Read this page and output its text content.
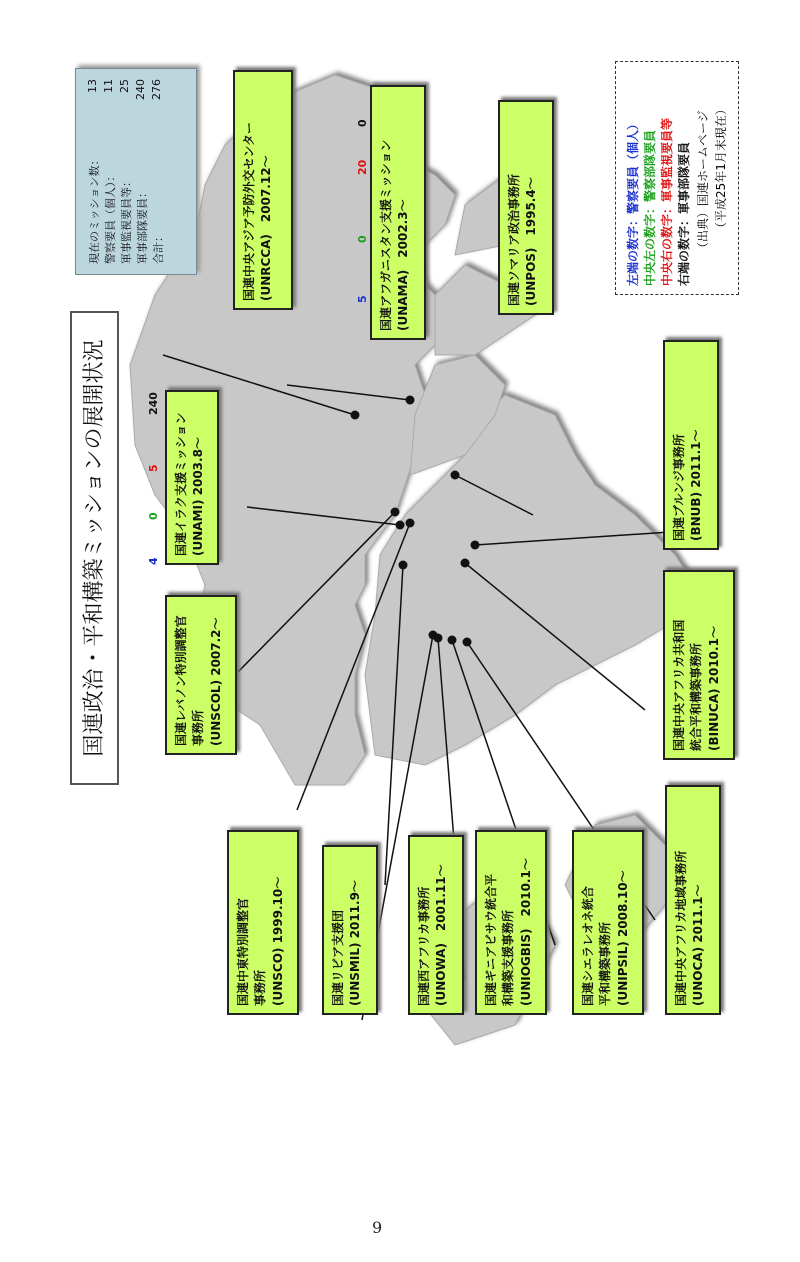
国連政治・平和構築ミッションの展開状況
現在のミッション数：
13
警察要員（個人）：
11
軍事監視要員等：
25
軍事部隊要員：
240
合計：
276
左端の数字：警察要員（個人） 中央左の数字：警察部隊要員 中央右の数字：軍事監視要員等 右端の数字：軍事部隊要員 （出典）国連ホームページ （平成25年1月末現在）
国連イラク支援ミッション (UNAMI) 2003.8～
4
0
5
240
国連中央アジア予防外交センター (UNRCCA)　2007.12～	国連アフガニスタン支援ミッション (UNAMA)　2002.3～
5
0
20
0
国連ソマリア政治事務所 (UNPOS)　1995.4～
国連レバノン特別調整官 事務所 (UNSCOL) 2007.2～
国連ブルンジ事務所 (BNUB) 2011.1～
国連中央アフリカ共和国 統合平和構築事務所 (BINUCA) 2010.1～
国連中東特別調整官 事務所 (UNSCO) 1999.10～	国連リビア支援団 (UNSMIL) 2011.9～	国連西アフリカ事務所 (UNOWA)　2001.11～	国連ギニアビサウ統合平 和構築支援事務所 (UNIOGBIS)　2010.1～	国連シエラレオネ統合 平和構築事務所 (UNIPSIL) 2008.10～	国連中央アフリカ地域事務所 (UNOCA) 2011.1～
9
